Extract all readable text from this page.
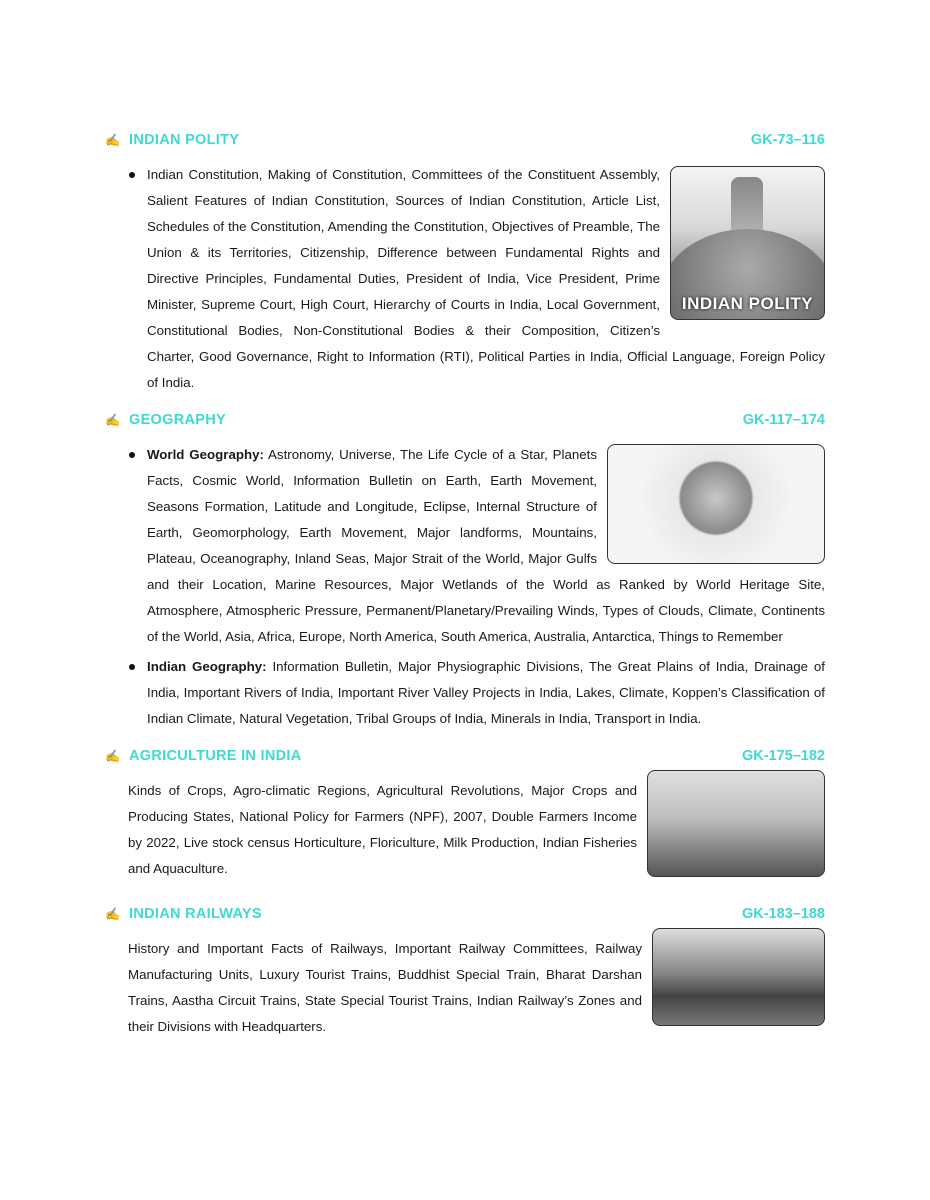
✍ INDIAN POLITY	GK-73–116
INDIAN POLITY
Indian Constitution, Making of Constitution, Committees of the Constituent Assembly, Salient Features of Indian Constitution, Sources of Indian Constitution, Article List, Schedules of the Constitution, Amending the Constitution, Objectives of Preamble, The Union & its Territories, Citizenship, Difference between Fundamental Rights and Directive Principles, Fundamental Duties, President of India, Vice President, Prime Minister, Supreme Court, High Court, Hierarchy of Courts in India, Local Government, Constitutional Bodies, Non-Constitutional Bodies & their Composition, Citizen’s Charter, Good Governance, Right to Information (RTI), Political Parties in India, Official Language, Foreign Policy of India.
✍ GEOGRAPHY	GK-117–174
World Geography: Astronomy, Universe, The Life Cycle of a Star, Planets Facts, Cosmic World, Information Bulletin on Earth, Earth Movement, Seasons Formation, Latitude and Longitude, Eclipse, Internal Structure of Earth, Geomorphology, Earth Movement, Major landforms, Mountains, Plateau, Oceanography, Inland Seas, Major Strait of the World, Major Gulfs and their Location, Marine Resources, Major Wetlands of the World as Ranked by World Heritage Site, Atmosphere, Atmospheric Pressure, Permanent/Planetary/Prevailing Winds, Types of Clouds, Climate, Continents of the World, Asia, Africa, Europe, North America, South America, Australia, Antarctica, Things to Remember
Indian Geography: Information Bulletin, Major Physiographic Divisions, The Great Plains of India, Drainage of India, Important Rivers of India, Important River Valley Projects in India, Lakes, Climate, Koppen’s Classification of Indian Climate, Natural Vegetation, Tribal Groups of India, Minerals in India, Transport in India.
✍ AGRICULTURE IN INDIA	GK-175–182
Kinds of Crops, Agro-climatic Regions, Agricultural Revolutions, Major Crops and Producing States, National Policy for Farmers (NPF), 2007, Double Farmers Income by 2022, Live stock census Horticulture, Floriculture, Milk Production, Indian Fisheries and Aquaculture.
✍ INDIAN RAILWAYS	GK-183–188
History and Important Facts of Railways, Important Railway Committees, Railway Manufacturing Units, Luxury Tourist Trains, Buddhist Special Train, Bharat Darshan Trains, Aastha Circuit Trains, State Special Tourist Trains, Indian Railway’s Zones and their Divisions with Headquarters.
